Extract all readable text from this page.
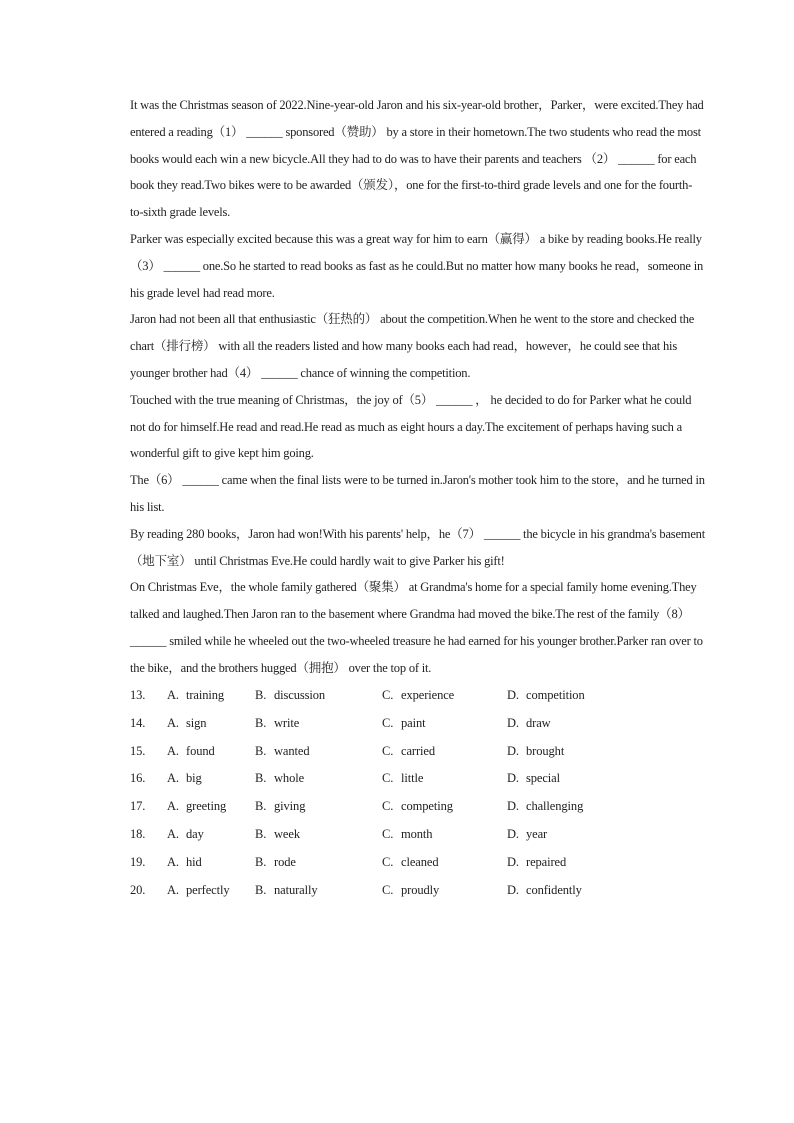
It was the Christmas season of 2022.Nine-year-old Jaron and his six-year-old brother，Parker，were excited.They had entered a reading（1） ______ sponsored（赞助） by a store in their hometown.The two students who read the most books would each win a new bicycle.All they had to do was to have their parents and teachers （2） ______ for each book they read.Two bikes were to be awarded（颁发），one for the first-to-third grade levels and one for the fourth-to-sixth grade levels.

Parker was especially excited because this was a great way for him to earn（赢得） a bike by reading books.He really（3） ______ one.So he started to read books as fast as he could.But no matter how many books he read，someone in his grade level had read more.

Jaron had not been all that enthusiastic（狂热的） about the competition.When he went to the store and checked the chart（排行榜） with all the readers listed and how many books each had read，however，he could see that his younger brother had（4） ______ chance of winning the competition.

Touched with the true meaning of Christmas，the joy of（5） ______ ， he decided to do for Parker what he could not do for himself.He read and read.He read as much as eight hours a day.The excitement of perhaps having such a wonderful gift to give kept him going.

The（6） ______ came when the final lists were to be turned in.Jaron's mother took him to the store，and he turned in his list.

By reading 280 books，Jaron had won!With his parents' help，he（7） ______ the bicycle in his grandma's basement（地下室） until Christmas Eve.He could hardly wait to give Parker his gift!

On Christmas Eve，the whole family gathered（聚集） at Grandma's home for a special family home evening.They talked and laughed.Then Jaron ran to the basement where Grandma had moved the bike.The rest of the family（8） ______ smiled while he wheeled out the two-wheeled treasure he had earned for his younger brother.Parker ran over to the bike，and the brothers hugged（拥抱） over the top of it.

13.	A. training B. discussion	C. experience	D. competition
14.	A. sign	B. write	C. paint	D. draw
15.	A. found	B. wanted	C. carried	D. brought
16.	A. big	B. whole	C. little	D. special
17.	A. greeting B. giving	C. competing	D. challenging
18.	A. day	B. week	C. month	D. year
19.	A. hid	B. rode	C. cleaned	D. repaired
20.	A. perfectly B. naturally	C. proudly	D. confidently
